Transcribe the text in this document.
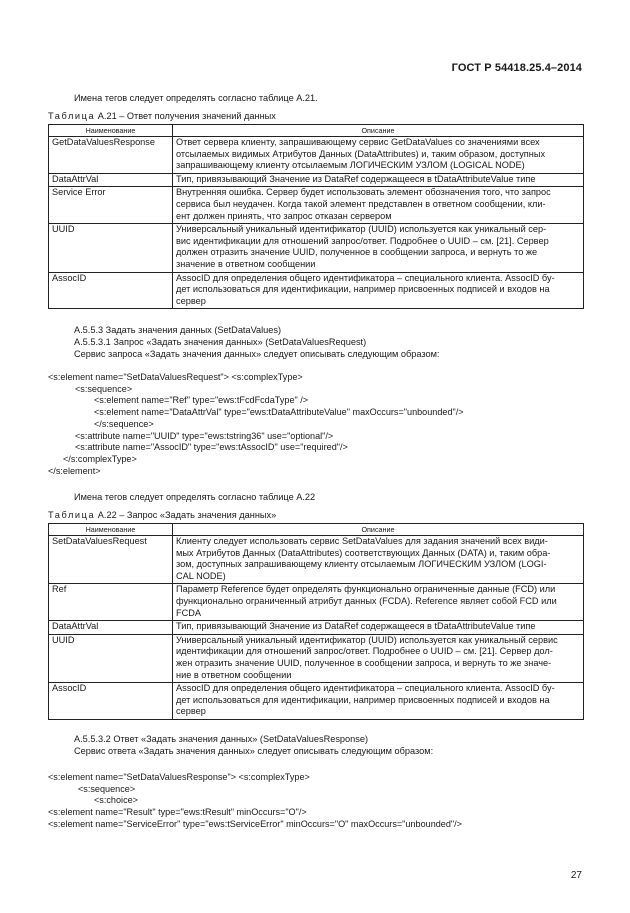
ГОСТ Р 54418.25.4–2014
Имена тегов следует определять согласно таблице А.21.
Таблица А.21 – Ответ получения значений данных
Наименование	Описание
GetDataValuesResponse	Ответ сервера клиенту, запрашивающему сервис GetDataValues со значениями всех
отсылаемых видимых Атрибутов Данных (DataAttributes) и, таким образом, доступных
запрашивающему клиенту отсылаемым ЛОГИЧЕСКИМ УЗЛОМ (LOGICAL NODE)

DataAttrVal	Тип, привязывающий Значение из DataRef содержащееся в tDataAttributeValue типе

Service Error	Внутренняя ошибка. Сервер будет использовать элемент обозначения того, что запрос
сервиса был неудачен. Когда такой элемент представлен в ответном сообщении, кли-
ент должен принять, что запрос отказан сервером

UUID	Универсальный уникальный идентификатор (UUID) используется как уникальный сер-
вис идентификации для отношений запрос/ответ. Подробнее о UUID – см. [21]. Сервер
должен отразить значение UUID, полученное в сообщении запроса, и вернуть то же
значение в ответном сообщении

AssocID	AssocID для определения общего идентификатора – специального клиента. AssocID бу-
дет использоваться для идентификации, например присвоенных подписей и входов на
сервер
А.5.5.3 Задать значения данных (SetDataValues)
А.5.5.3.1 Запрос «Задать значения данных» (SetDataValuesRequest)
Сервис запроса «Задать значения данных» следует описывать следующим образом:
<s:element name="SetDataValuesRequest"> <s:complexType>
<s:sequence>
<s:element name="Ref" type="ews:tFcdFcdaType" />
<s:element name="DataAttrVal" type="ews:tDataAttributeValue" maxOccurs="unbounded"/>
</s:sequence>
<s:attribute name="UUID" type="ews:tstring36" use="optional"/>
<s:attribute name="AssocID" type="ews:tAssocID" use="required"/>
</s:complexType>
</s:element>
Имена тегов следует определять согласно таблице А.22
Таблица А.22 – Запрос «Задать значения данных»
Наименование	Описание
SetDataValuesRequest	Клиенту следует использовать сервис SetDataValues для задания значений всех види-
мых Атрибутов Данных (DataAttributes) соответствующих Данных (DATA) и, таким обра-
зом, доступных запрашивающему клиенту отсылаемым ЛОГИЧЕСКИМ УЗЛОМ (LOGI-
CAL NODE)

Ref	Параметр Reference будет определять функционально ограниченные данные (FCD) или
функционально ограниченный атрибут данных (FCDA). Reference являет собой FCD или
FCDA

DataAttrVal	Тип, привязывающий Значение из DataRef содержащееся в tDataAttributeValue типе

UUID	Универсальный уникальный идентификатор (UUID) используется как уникальный сервис
идентификации для отношений запрос/ответ. Подробнее о UUID – см. [21]. Сервер дол-
жен отразить значение UUID, полученное в сообщении запроса, и вернуть то же значе-
ние в ответном сообщении

AssocID	AssocID для определения общего идентификатора – специального клиента. AssocID бу-
дет использоваться для идентификации, например присвоенных подписей и входов на
сервер
А.5.5.3.2 Ответ «Задать значения данных» (SetDataValuesResponse)
Сервис ответа «Задать значения данных» следует описывать следующим образом:
<s:element name="SetDataValuesResponse"> <s:complexType>
<s:sequence>
<s:choice>
<s:element name="Result" type="ews:tResult" minOccurs="O"/>
<s:element name="ServiceError" type="ews:tServiceError" minOccurs="O" maxOccurs="unbounded"/>
27
